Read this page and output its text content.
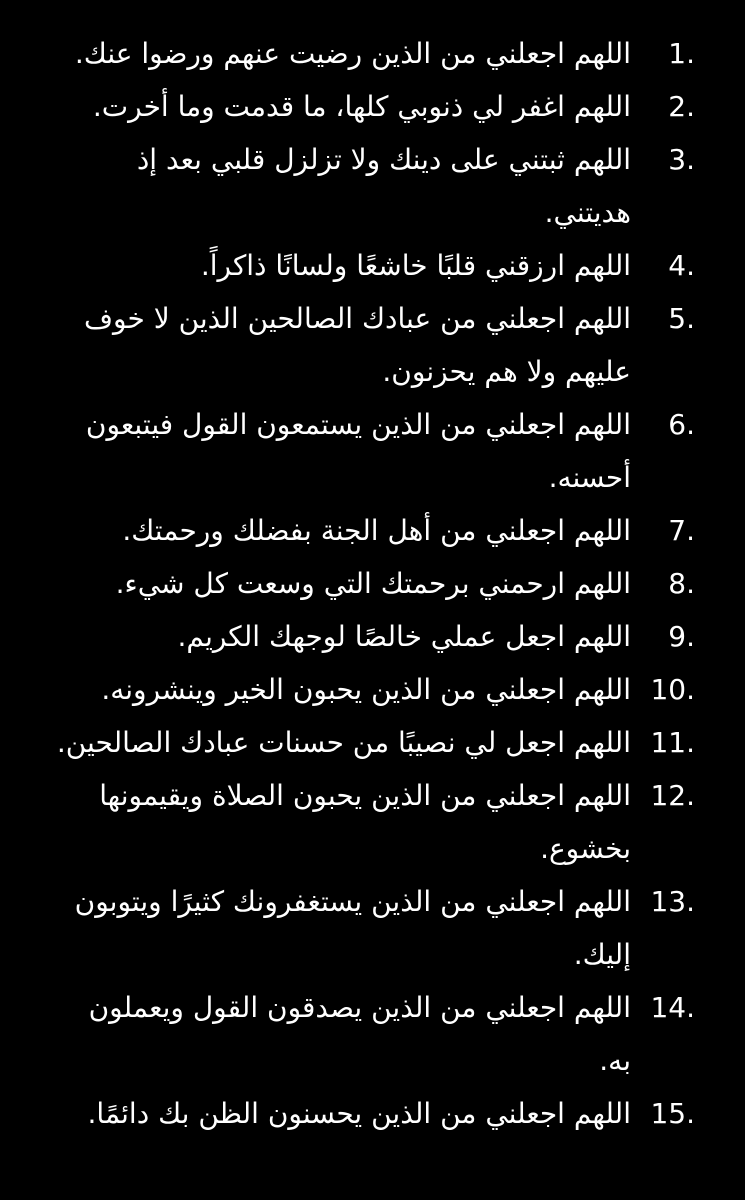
1.
اللهم اجعلني من الذين رضيت عنهم ورضوا عنك.
2.
اللهم اغفر لي ذنوبي كلها، ما قدمت وما أخرت.
3.
اللهم ثبتني على دينك ولا تزلزل قلبي بعد إذ هديتني.
4.
اللهم ارزقني قلبًا خاشعًا ولسانًا ذاكراً.
5.
اللهم اجعلني من عبادك الصالحين الذين لا خوف عليهم ولا هم يحزنون.
6.
اللهم اجعلني من الذين يستمعون القول فيتبعون أحسنه.
7.
اللهم اجعلني من أهل الجنة بفضلك ورحمتك.
8.
اللهم ارحمني برحمتك التي وسعت كل شيء.
9.
اللهم اجعل عملي خالصًا لوجهك الكريم.
10.
اللهم اجعلني من الذين يحبون الخير وينشرونه.
11.
اللهم اجعل لي نصيبًا من حسنات عبادك الصالحين.
12.
اللهم اجعلني من الذين يحبون الصلاة ويقيمونها بخشوع.
13.
اللهم اجعلني من الذين يستغفرونك كثيرًا ويتوبون إليك.
14.
اللهم اجعلني من الذين يصدقون القول ويعملون به.
15.
اللهم اجعلني من الذين يحسنون الظن بك دائمًا.
